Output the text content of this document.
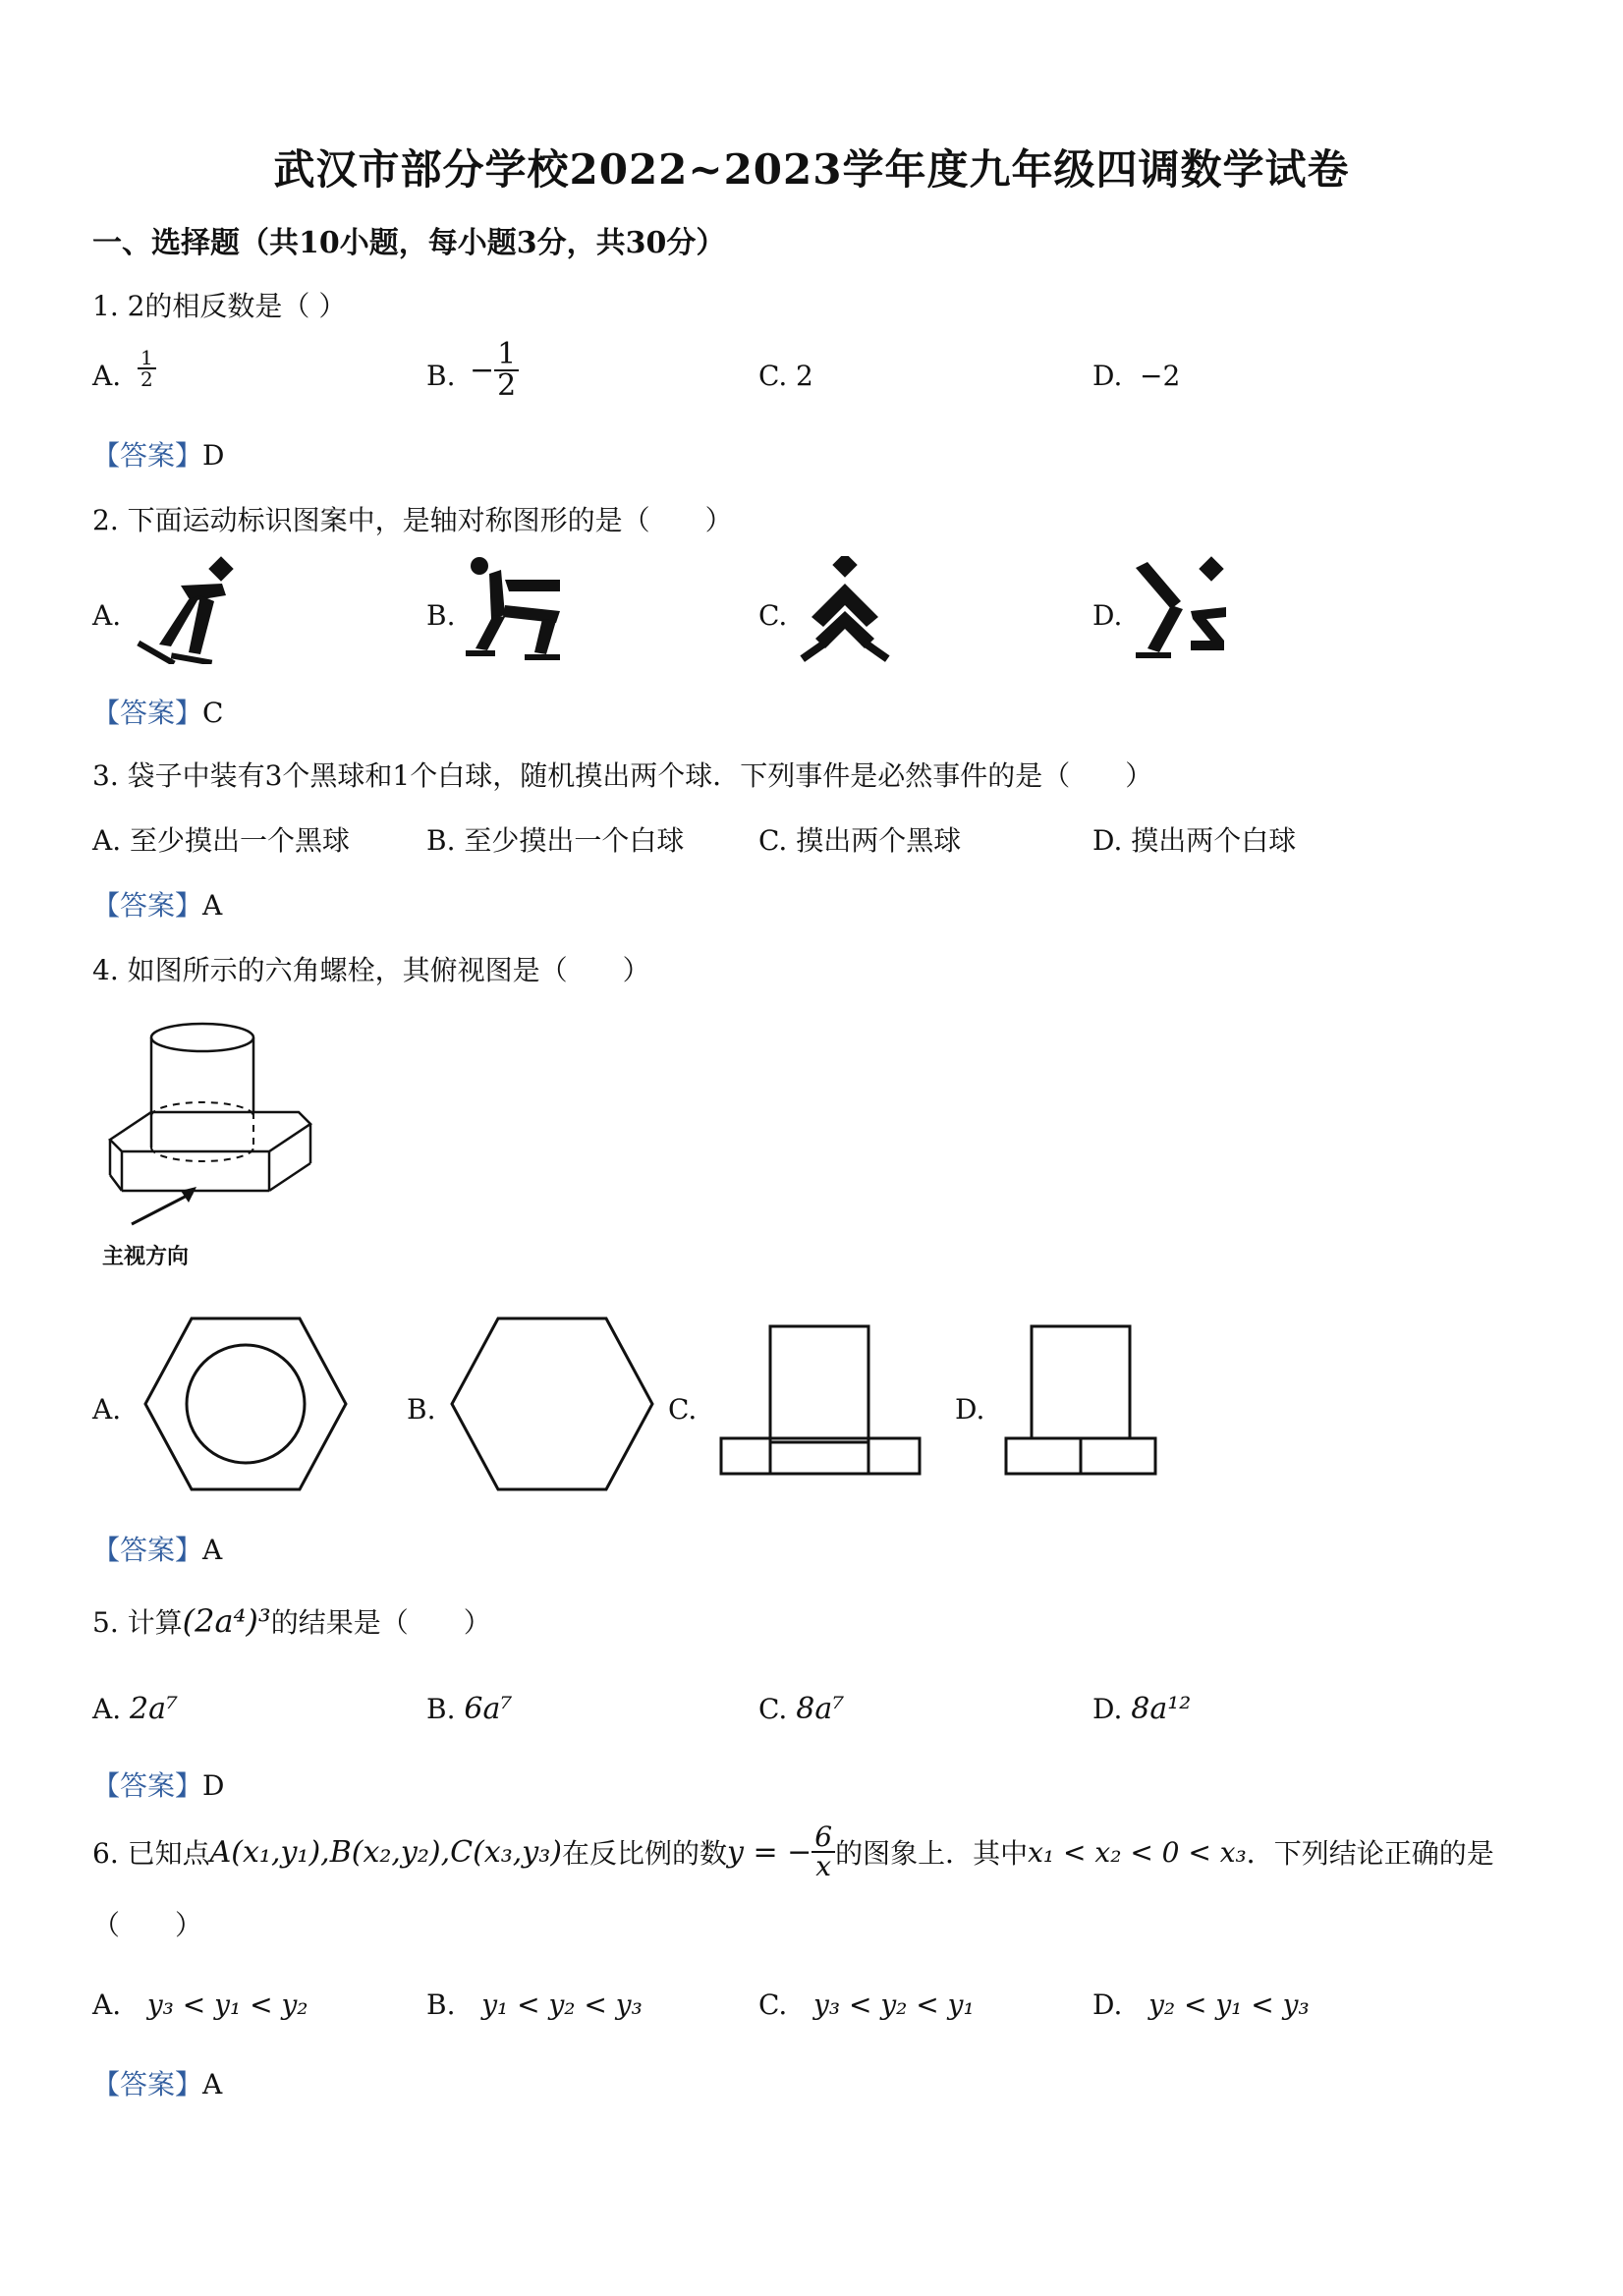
武汉市部分学校2022~2023学年度九年级四调数学试卷
一、选择题（共10小题，每小题3分，共30分）
1. 2的相反数是（ ）
A. $\frac{1}{2}$	B. − $\frac{1}{2}$	C. 2	D. −2
【答案】D
2. 下面运动标识图案中，是轴对称图形的是（　　）
A.	B.	C.	D.
【答案】C
3. 袋子中装有3个黑球和1个白球，随机摸出两个球．下列事件是必然事件的是（　　）
A. 至少摸出一个黑球	B. 至少摸出一个白球	C. 摸出两个黑球	D. 摸出两个白球
【答案】A
4. 如图所示的六角螺栓，其俯视图是（　　）
主视方向
A.	B.	C.	D.
【答案】A
5. 计算(2a⁴)³的结果是（　　）
A. 2a⁷	B. 6a⁷	C. 8a⁷	D. 8a¹²
【答案】D
6. 已知点 A(x₁,y₁),B(x₂,y₂),C(x₃,y₃) 在反比例的数 y = − $\frac{6}{x}$ 的图象上．其中 x₁ < x₂ < 0 < x₃ ．下列结论正确的是
（　　）
A. y₃ < y₁ < y₂	B. y₁ < y₂ < y₃	C. y₃ < y₂ < y₁	D. y₂ < y₁ < y₃
【答案】A
